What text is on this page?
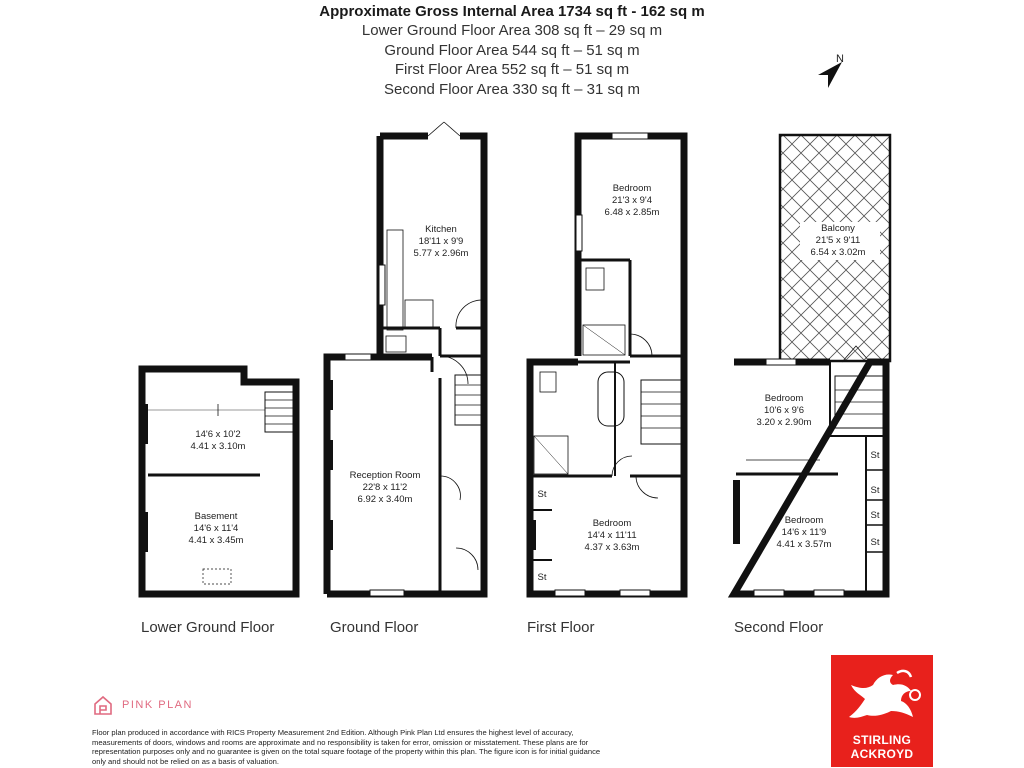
Approximate Gross Internal Area 1734 sq ft - 162 sq m
Lower Ground Floor Area 308 sq ft – 29 sq m
Ground Floor Area 544 sq ft – 51 sq m
First Floor Area 552 sq ft – 51 sq m
Second Floor Area 330 sq ft – 31 sq m
N
14'6 x 10'2
4.41 x 3.10m
Basement
14'6 x 11'4
4.41 x 3.45m
Kitchen
18'11 x 9'9
5.77 x 2.96m
Reception Room
22'8 x 11'2
6.92 x 3.40m
Bedroom
21'3 x 9'4
6.48 x 2.85m
Bedroom
14'4 x 11'11
4.37 x 3.63m
St
St
Balcony
21'5 x 9'11
6.54 x 3.02m
Bedroom
10'6 x 9'6
3.20 x 2.90m
Bedroom
14'6 x 11'9
4.41 x 3.57m
St
St
St
St
Lower Ground Floor	Ground Floor	First Floor	Second Floor
PINK PLAN
Floor plan produced in accordance with RICS Property Measurement 2nd Edition. Although Pink Plan Ltd ensures the highest level of accuracy, measurements of doors, windows and rooms are approximate and no responsibility is taken for error, omission or misstatement. These plans are for representation purposes only and no guarantee is given on the total square footage of the property within this plan. The figure icon is for initial guidance only and should not be relied on as a basis of valuation.
STIRLING
ACKROYD
